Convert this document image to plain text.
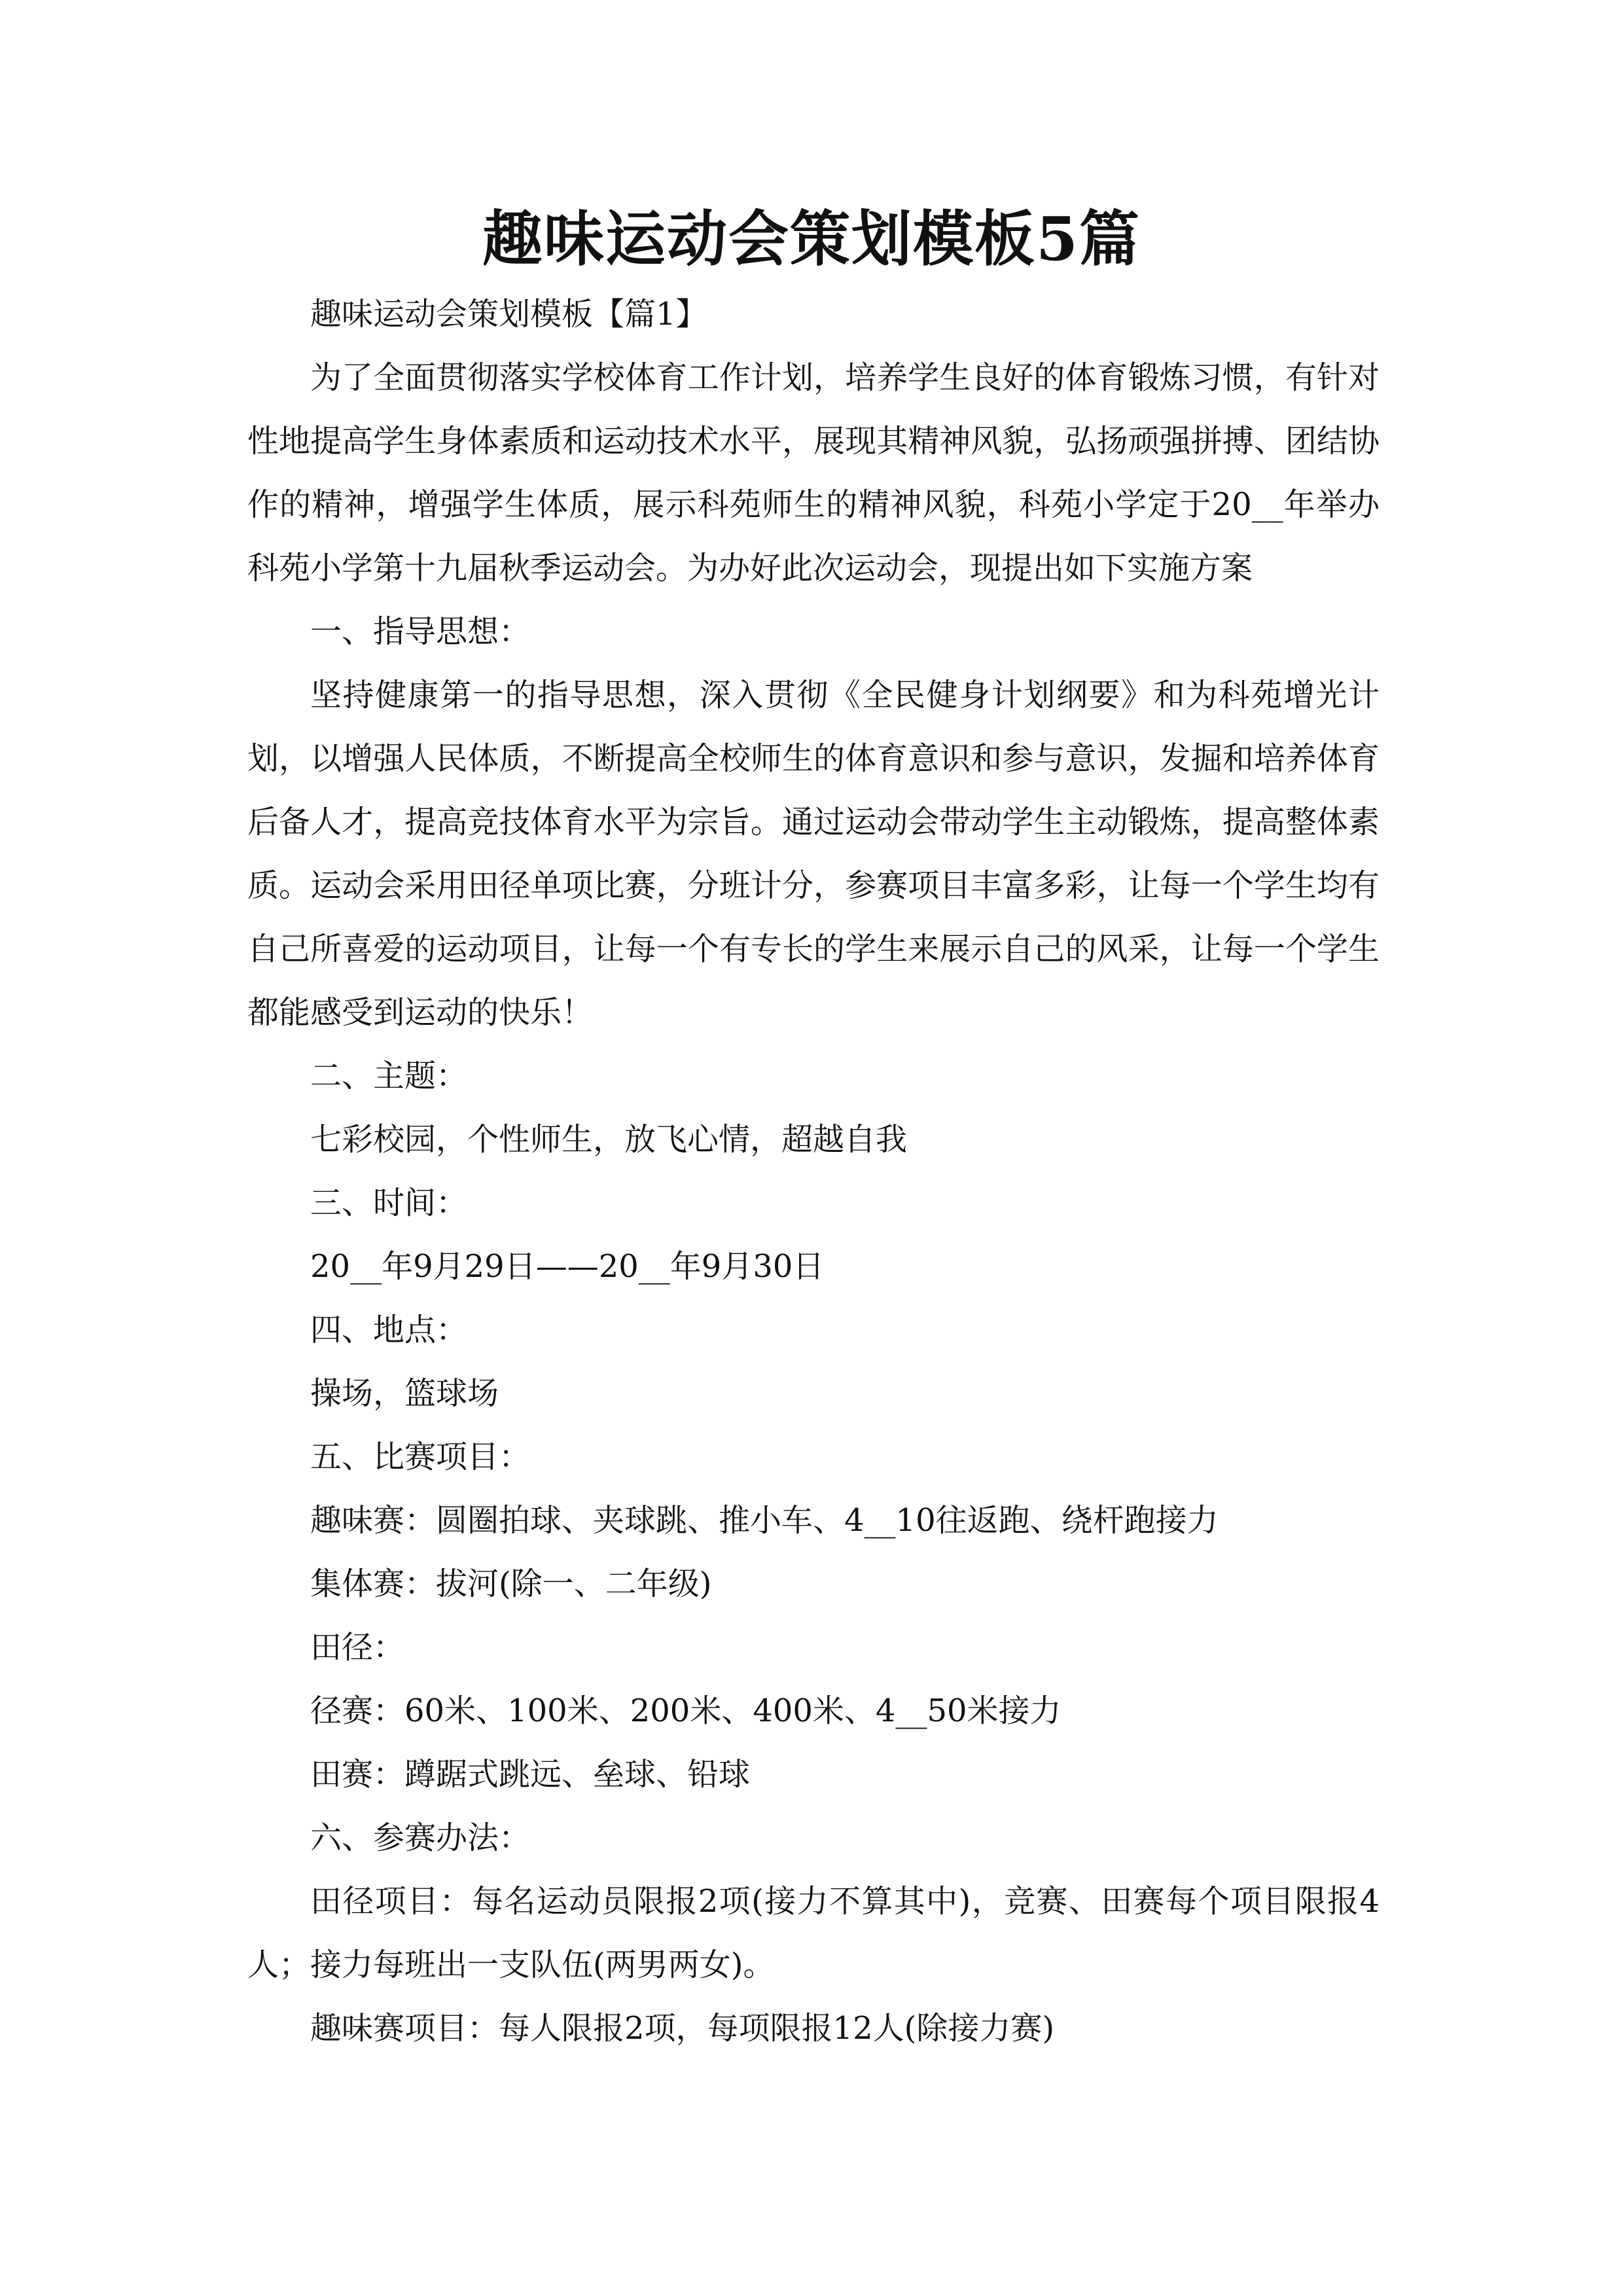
趣味运动会策划模板5篇

趣味运动会策划模板【篇1】

为了全面贯彻落实学校体育工作计划，培养学生良好的体育锻炼习惯，有针对性地提高学生身体素质和运动技术水平，展现其精神风貌，弘扬顽强拼搏、团结协作的精神，增强学生体质，展示科苑师生的精神风貌，科苑小学定于20__年举办科苑小学第十九届秋季运动会。为办好此次运动会，现提出如下实施方案

一、指导思想：

坚持健康第一的指导思想，深入贯彻《全民健身计划纲要》和为科苑增光计划，以增强人民体质，不断提高全校师生的体育意识和参与意识，发掘和培养体育后备人才，提高竞技体育水平为宗旨。通过运动会带动学生主动锻炼，提高整体素质。运动会采用田径单项比赛，分班计分，参赛项目丰富多彩，让每一个学生均有自己所喜爱的运动项目，让每一个有专长的学生来展示自己的风采，让每一个学生都能感受到运动的快乐！

二、主题：

七彩校园，个性师生，放飞心情，超越自我

三、时间：

20__年9月29日——20__年9月30日

四、地点：

操场，篮球场

五、比赛项目：

趣味赛：圆圈拍球、夹球跳、推小车、4__10往返跑、绕杆跑接力

集体赛：拔河(除一、二年级)

田径：

径赛：60米、100米、200米、400米、4__50米接力

田赛：蹲踞式跳远、垒球、铅球

六、参赛办法：

田径项目：每名运动员限报2项(接力不算其中)，竞赛、田赛每个项目限报4人；接力每班出一支队伍(两男两女)。

趣味赛项目：每人限报2项，每项限报12人(除接力赛)
